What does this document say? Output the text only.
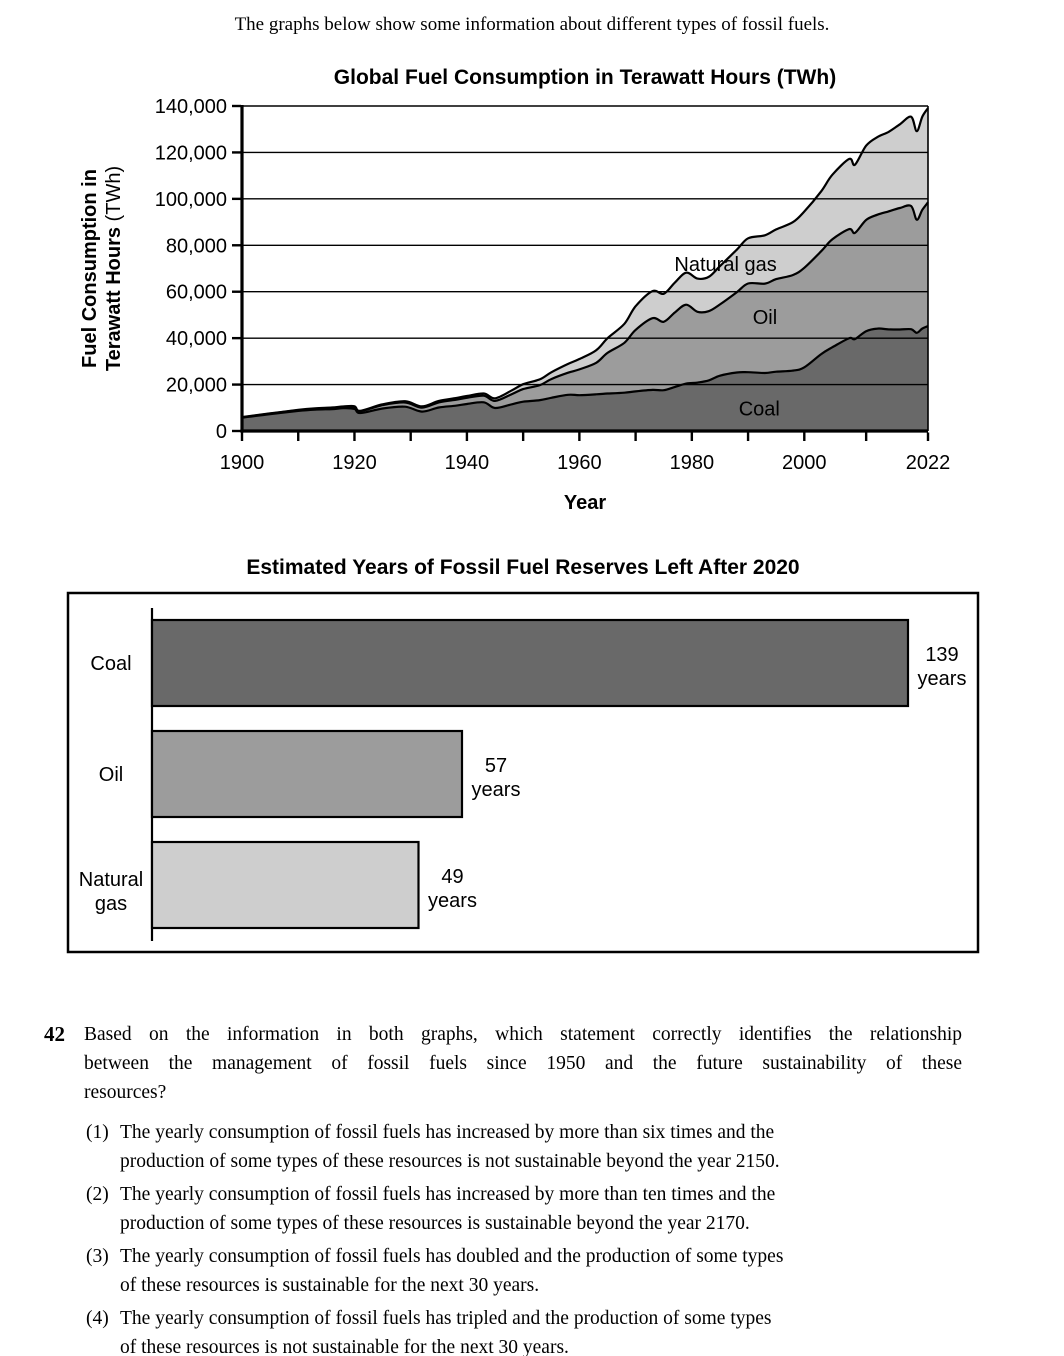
The graphs below show some information about different types of fossil fuels.
Global Fuel Consumption in Terawatt Hours (TWh)
1900	1920	1940	1960	1980	2000	2022
0
20,000
40,000
60,000
80,000
100,000
120,000
140,000
Coal
Oil
Natural gas
Year
Fuel Consumption in Terawatt Hours (TWh)
Estimated Years of Fossil Fuel Reserves Left After 2020
Coal	139
years
Oil	57
years
Natural
gas
49
years
42 Based on the information in both graphs, which statement correctly identifies the relationship
between the management of fossil fuels since 1950 and the future sustainability of these
resources?
(1) The yearly consumption of fossil fuels has increased by more than six times and the
production of some types of these resources is not sustainable beyond the year 2150.
(2) The yearly consumption of fossil fuels has increased by more than ten times and the
production of some types of these resources is sustainable beyond the year 2170.
(3) The yearly consumption of fossil fuels has doubled and the production of some types
of these resources is sustainable for the next 30 years.
(4) The yearly consumption of fossil fuels has tripled and the production of some types
of these resources is not sustainable for the next 30 years.
